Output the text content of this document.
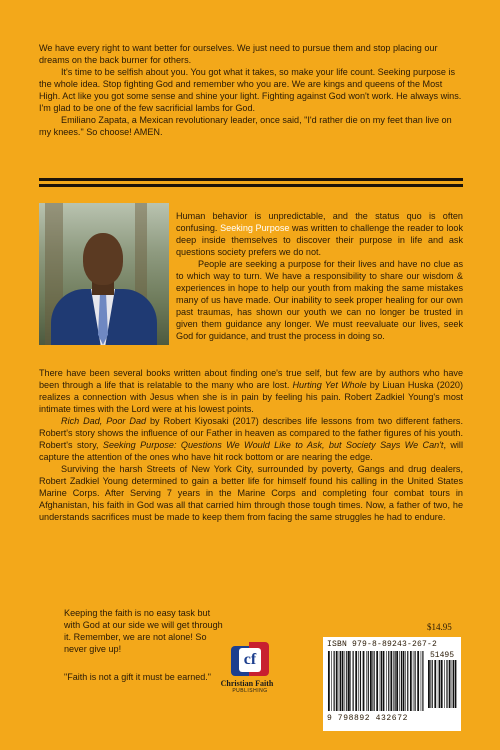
We have every right to want better for ourselves. We just need to pursue them and stop placing our dreams on the back burner for others.

It's time to be selfish about you. You got what it takes, so make your life count. Seeking purpose is the whole idea. Stop fighting God and remember who you are. We are kings and queens of the Most High. Act like you got some sense and shine your light. Fighting against God won't work. He always wins. I'm glad to be one of the few sacrificial lambs for God.

Emiliano Zapata, a Mexican revolutionary leader, once said, "I'd rather die on my feet than live on my knees." So choose! AMEN.

Human behavior is unpredictable, and the status quo is often confusing. Seeking Purpose was written to challenge the reader to look deep inside themselves to discover their purpose in life and ask questions society prefers we do not.

People are seeking a purpose for their lives and have no clue as to which way to turn. We have a responsibility to share our wisdom & experiences in hope to help our youth from making the same mistakes many of us have made. Our inability to seek proper healing for our own past traumas, has shown our youth we can no longer be trusted in given them guidance any longer. We must reevaluate our lives, seek God for guidance, and trust the process in doing so.

There have been several books written about finding one's true self, but few are by authors who have been through a life that is relatable to the many who are lost. Hurting Yet Whole by Liuan Huska (2020) realizes a connection with Jesus when she is in pain by feeling his pain. Robert Zadkiel Young's most intimate times with the Lord were at his lowest points.

Rich Dad, Poor Dad by Robert Kiyosaki (2017) describes life lessons from two different fathers. Robert's story shows the influence of our Father in heaven as compared to the father figures of his youth. Robert's story, Seeking Purpose: Questions We Would Like to Ask, but Society Says We Can't, will capture the attention of the ones who have hit rock bottom or are nearing the edge.

Surviving the harsh Streets of New York City, surrounded by poverty, Gangs and drug dealers, Robert Zadkiel Young determined to gain a better life for himself found his calling in the United States Marine Corps. After Serving 7 years in the Marine Corps and completing four combat tours in Afghanistan, his faith in God was all that carried him through those tough times. Now, a father of two, he understands sacrifices must be made to keep them from facing the same struggles he had to endure.

Keeping the faith is no easy task but with God at our side we will get through it. Remember, we are not alone! So never give up!

"Faith is not a gift it must be earned."

cf
Christian Faith
PUBLISHING
$14.95
ISBN 979-8-89243-267-2
51495
9 798892 432672
